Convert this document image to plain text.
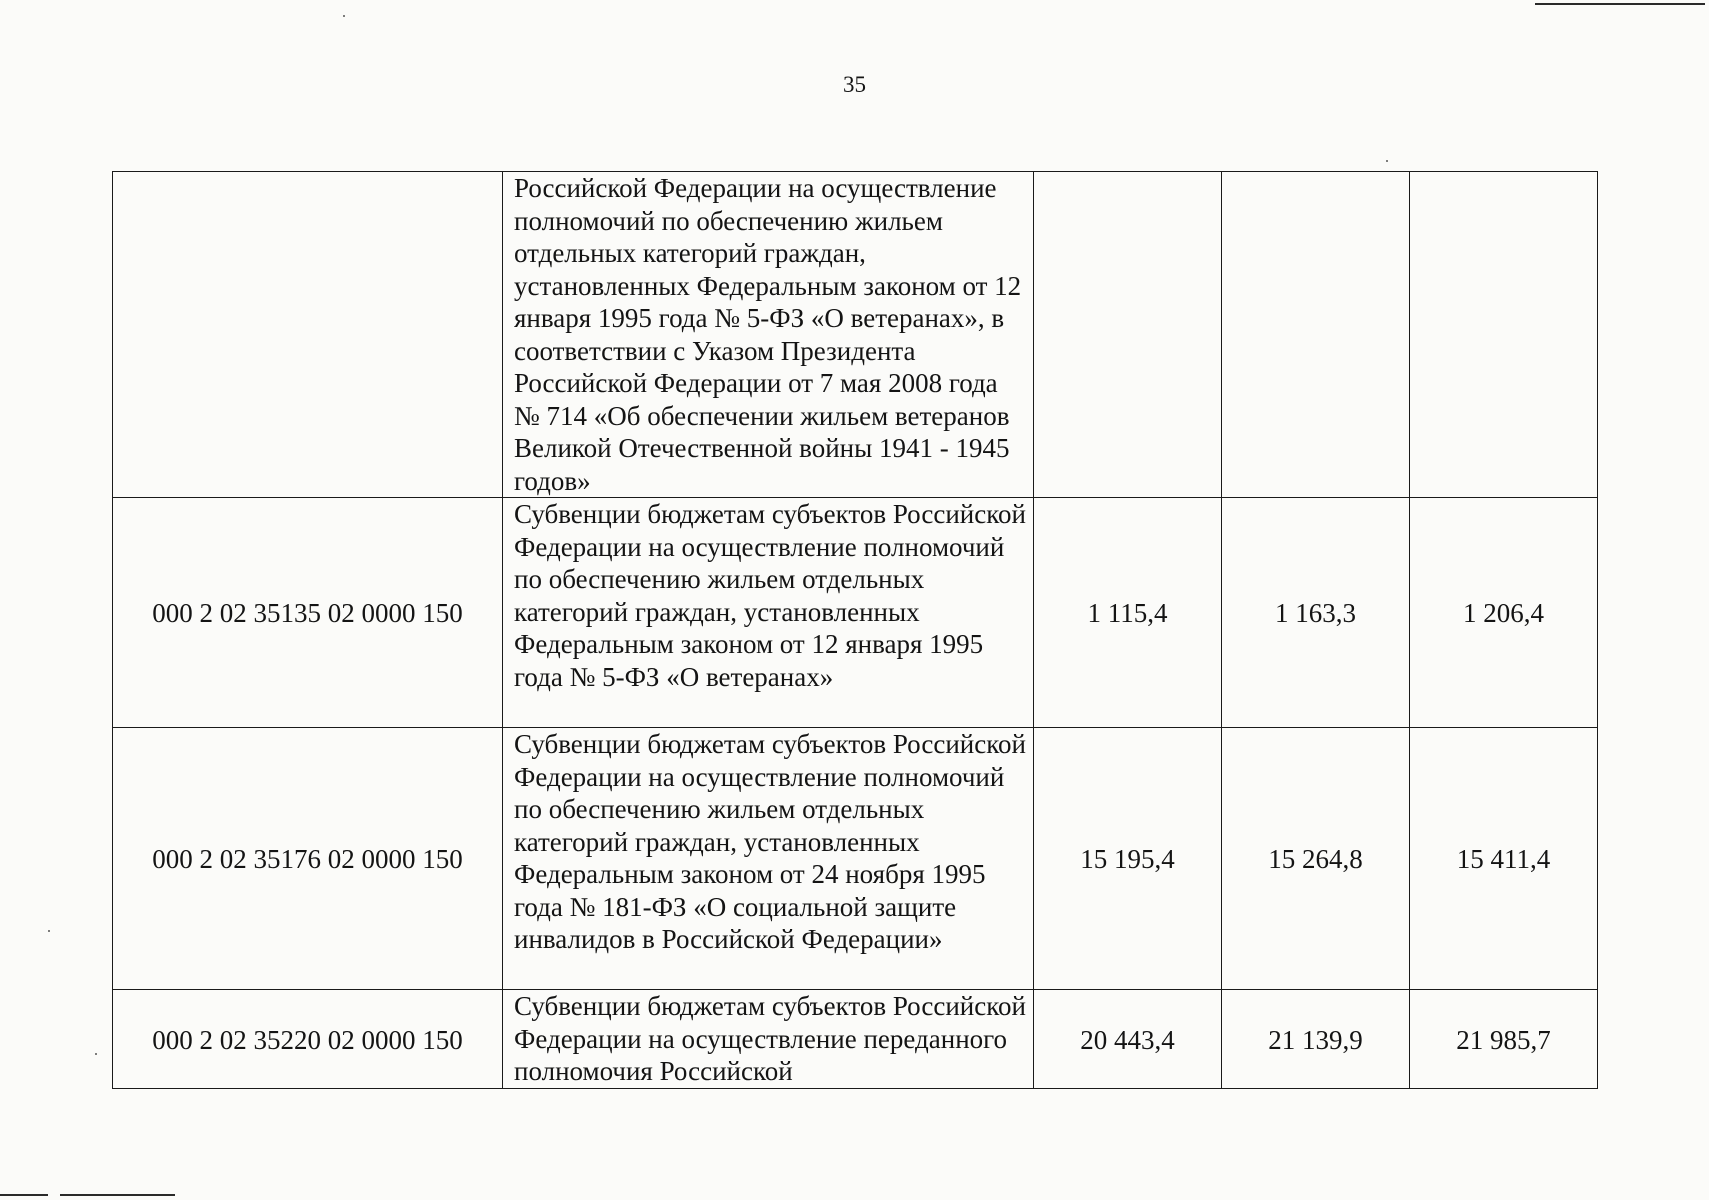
35
	Российской Федерации на осуществление полномочий по обеспечению жильем отдельных категорий граждан, установленных Федеральным законом от 12 января 1995 года № 5-ФЗ «О ветеранах», в соответствии с Указом Президента Российской Федерации от 7 мая 2008 года № 714 «Об обеспечении жильем ветеранов Великой Отечественной войны 1941 - 1945 годов»			
000 2 02 35135 02 0000 150	Субвенции бюджетам субъектов Российской Федерации на осуществление полномочий по обеспечению жильем отдельных категорий граждан, установленных Федеральным законом от 12 января 1995 года № 5-ФЗ «О ветеранах»	1 115,4	1 163,3	1 206,4
000 2 02 35176 02 0000 150	Субвенции бюджетам субъектов Российской Федерации на осуществление полномочий по обеспечению жильем отдельных категорий граждан, установленных Федеральным законом от 24 ноября 1995 года № 181-ФЗ «О социальной защите инвалидов в Российской Федерации»	15 195,4	15 264,8	15 411,4
000 2 02 35220 02 0000 150	Субвенции бюджетам субъектов Российской Федерации на осуществление переданного полномочия Российской	20 443,4	21 139,9	21 985,7
